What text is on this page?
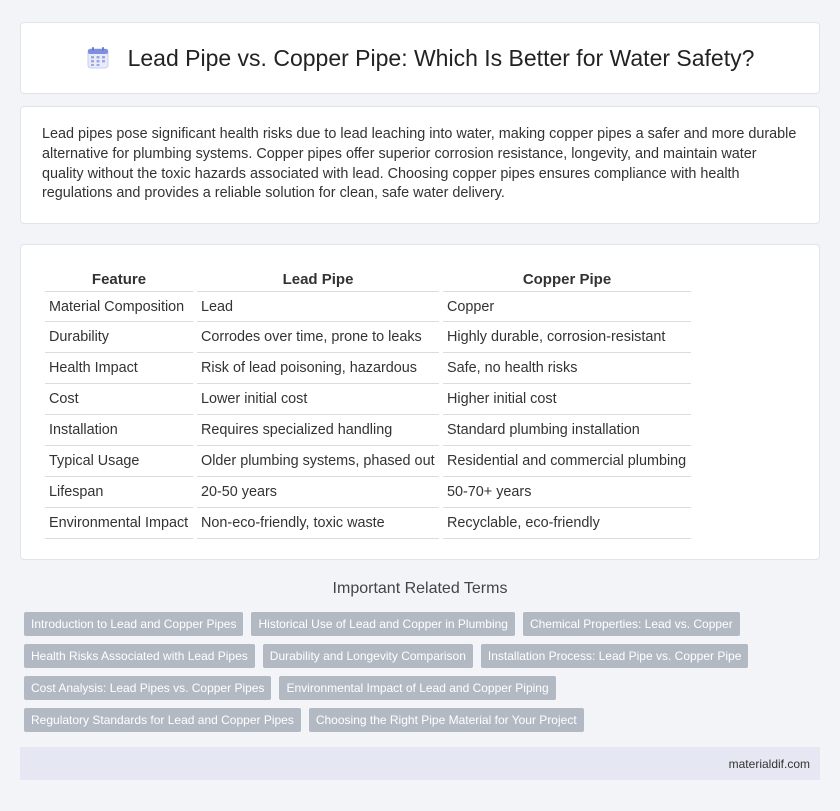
Lead Pipe vs. Copper Pipe: Which Is Better for Water Safety?

Lead pipes pose significant health risks due to lead leaching into water, making copper pipes a safer and more durable alternative for plumbing systems. Copper pipes offer superior corrosion resistance, longevity, and maintain water quality without the toxic hazards associated with lead. Choosing copper pipes ensures compliance with health regulations and provides a reliable solution for clean, safe water delivery.

Feature	Lead Pipe	Copper Pipe
Material Composition	Lead	Copper
Durability	Corrodes over time, prone to leaks	Highly durable, corrosion-resistant
Health Impact	Risk of lead poisoning, hazardous	Safe, no health risks
Cost	Lower initial cost	Higher initial cost
Installation	Requires specialized handling	Standard plumbing installation
Typical Usage	Older plumbing systems, phased out	Residential and commercial plumbing
Lifespan	20-50 years	50-70+ years
Environmental Impact	Non-eco-friendly, toxic waste	Recyclable, eco-friendly
Important Related Terms
Introduction to Lead and Copper Pipes	Historical Use of Lead and Copper in Plumbing	Chemical Properties: Lead vs. Copper
Health Risks Associated with Lead Pipes	Durability and Longevity Comparison	Installation Process: Lead Pipe vs. Copper Pipe
Cost Analysis: Lead Pipes vs. Copper Pipes	Environmental Impact of Lead and Copper Piping
Regulatory Standards for Lead and Copper Pipes	Choosing the Right Pipe Material for Your Project
materialdif.com
